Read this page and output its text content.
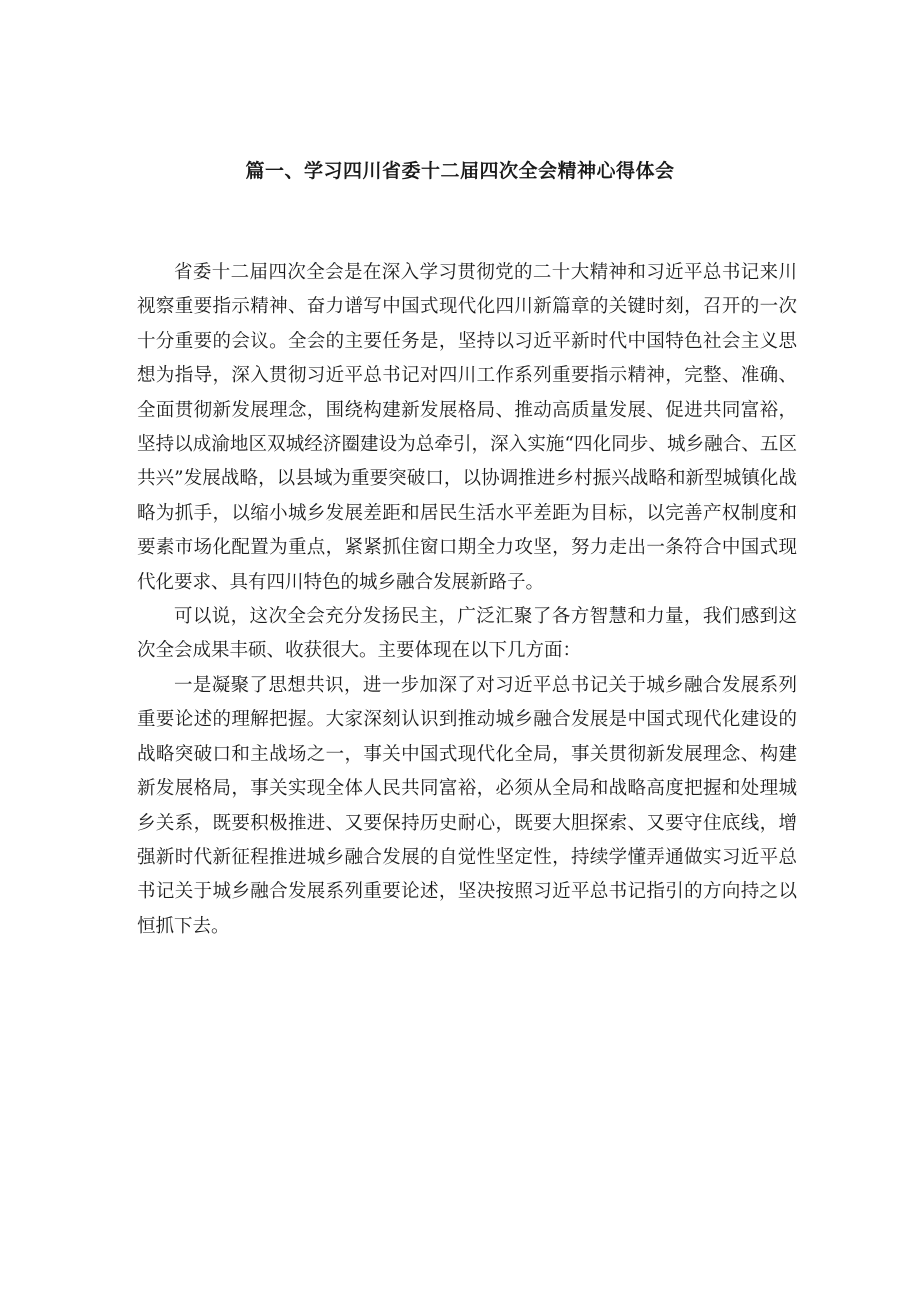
篇一、学习四川省委十二届四次全会精神心得体会

省委十二届四次全会是在深入学习贯彻党的二十大精神和习近平总书记来川视察重要指示精神、奋力谱写中国式现代化四川新篇章的关键时刻，召开的一次十分重要的会议。全会的主要任务是，坚持以习近平新时代中国特色社会主义思想为指导，深入贯彻习近平总书记对四川工作系列重要指示精神，完整、准确、全面贯彻新发展理念，围绕构建新发展格局、推动高质量发展、促进共同富裕，坚持以成渝地区双城经济圈建设为总牵引，深入实施“四化同步、城乡融合、五区共兴”发展战略，以县域为重要突破口，以协调推进乡村振兴战略和新型城镇化战略为抓手，以缩小城乡发展差距和居民生活水平差距为目标，以完善产权制度和要素市场化配置为重点，紧紧抓住窗口期全力攻坚，努力走出一条符合中国式现代化要求、具有四川特色的城乡融合发展新路子。

可以说，这次全会充分发扬民主，广泛汇聚了各方智慧和力量，我们感到这次全会成果丰硕、收获很大。主要体现在以下几方面：

一是凝聚了思想共识，进一步加深了对习近平总书记关于城乡融合发展系列重要论述的理解把握。大家深刻认识到推动城乡融合发展是中国式现代化建设的战略突破口和主战场之一，事关中国式现代化全局，事关贯彻新发展理念、构建新发展格局，事关实现全体人民共同富裕，必须从全局和战略高度把握和处理城乡关系，既要积极推进、又要保持历史耐心，既要大胆探索、又要守住底线，增强新时代新征程推进城乡融合发展的自觉性坚定性，持续学懂弄通做实习近平总书记关于城乡融合发展系列重要论述，坚决按照习近平总书记指引的方向持之以恒抓下去。
